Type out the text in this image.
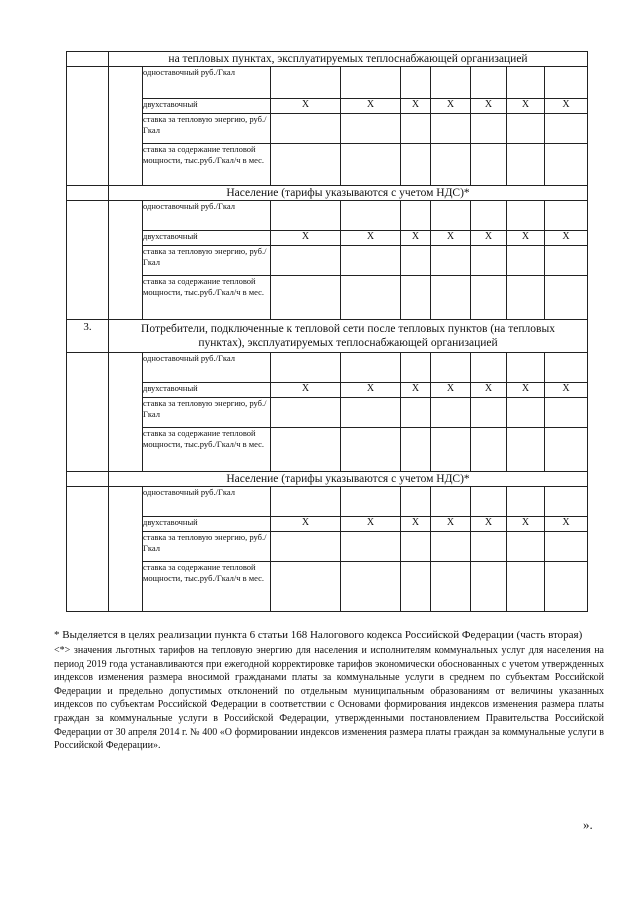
	на тепловых пунктах, эксплуатируемых теплоснабжающей организацией								
		одноставочный руб./Гкал							
		двухставочный	X	X	X	X	X	X	X
		ставка за тепловую энергию, руб./Гкал							
		ставка за содержание тепловой мощности, тыс.руб./Гкал/ч в мес.							
	Население (тарифы указываются с учетом НДС)*								
		одноставочный руб./Гкал							
		двухставочный	X	X	X	X	X	X	X
		ставка за тепловую энергию, руб./Гкал							
		ставка за содержание тепловой мощности, тыс.руб./Гкал/ч в мес.							
3.	Потребители, подключенные к тепловой сети после тепловых пунктов (на тепловых пунктах), эксплуатируемых теплоснабжающей организацией								
		одноставочный руб./Гкал							
		двухставочный	X	X	X	X	X	X	X
		ставка за тепловую энергию, руб./Гкал							
		ставка за содержание тепловой мощности, тыс.руб./Гкал/ч в мес.							
	Население (тарифы указываются с учетом НДС)*								
		одноставочный руб./Гкал							
		двухставочный	X	X	X	X	X	X	X
		ставка за тепловую энергию, руб./Гкал							
		ставка за содержание тепловой мощности, тыс.руб./Гкал/ч в мес.							

* Выделяется в целях реализации пункта 6 статьи 168 Налогового кодекса Российской Федерации (часть вторая)

<*> значения льготных тарифов на тепловую энергию для населения и исполнителям коммунальных услуг для населения на период 2019 года устанавливаются при ежегодной корректировке тарифов экономически обоснованных с учетом утвержденных индексов изменения размера вносимой гражданами платы за коммунальные услуги в среднем по субъектам Российской Федерации и предельно допустимых отклонений по отдельным муниципальным образованиям от величины указанных индексов по субъектам Российской Федерации в соответствии с Основами формирования индексов изменения размера платы граждан за коммунальные услуги в Российской Федерации, утвержденными постановлением Правительства Российской Федерации от 30 апреля 2014 г. № 400 «О формировании индексов изменения размера платы граждан за коммунальные услуги в Российской Федерации».

».
